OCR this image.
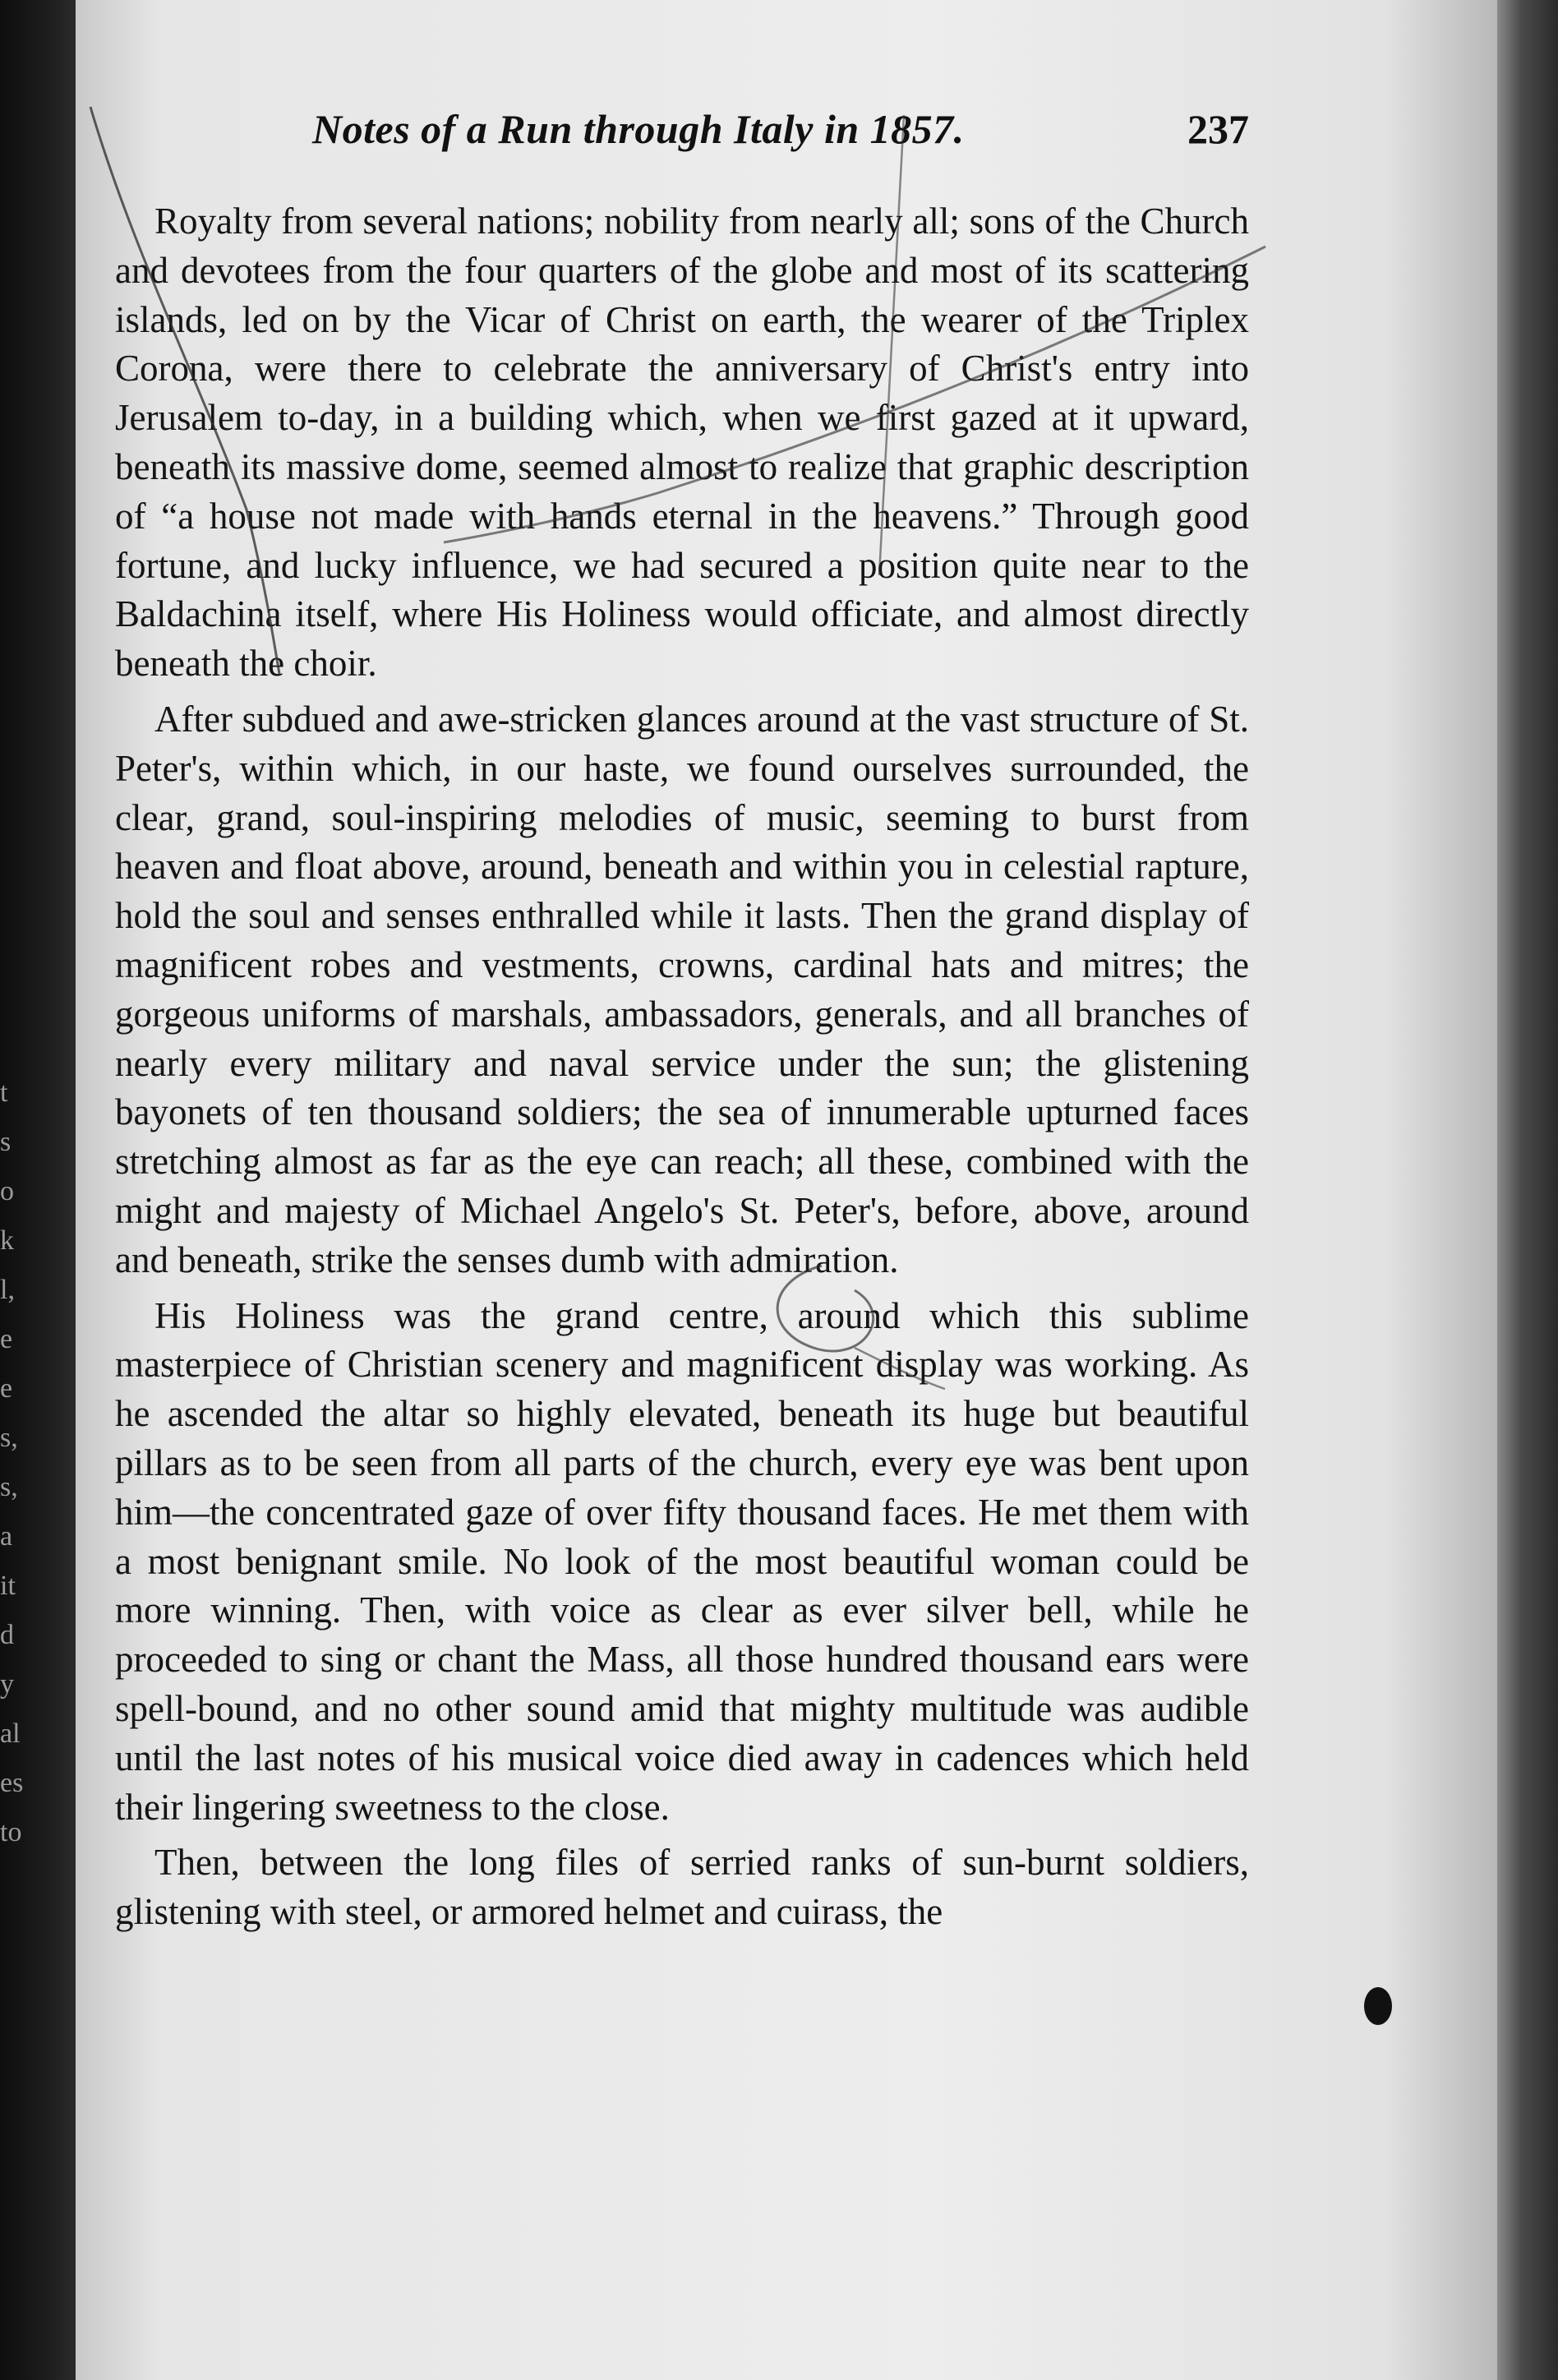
t
s
o
k
l,
e
e
s,
s,
a
it
d
y
al
es
to
Notes of a Run through Italy in 1857.	237

Royalty from several nations; nobility from nearly all; sons of the Church and devotees from the four quarters of the globe and most of its scattering islands, led on by the Vicar of Christ on earth, the wearer of the Triplex Corona, were there to celebrate the anniversary of Christ's entry into Jerusalem to-day, in a building which, when we first gazed at it upward, beneath its massive dome, seemed almost to realize that graphic description of “a house not made with hands eternal in the heavens.” Through good fortune, and lucky influence, we had secured a position quite near to the Baldachina itself, where His Holiness would officiate, and almost directly beneath the choir.

After subdued and awe-stricken glances around at the vast structure of St. Peter's, within which, in our haste, we found ourselves surrounded, the clear, grand, soul-inspiring melodies of music, seeming to burst from heaven and float above, around, beneath and within you in celestial rapture, hold the soul and senses enthralled while it lasts. Then the grand display of magnificent robes and vestments, crowns, cardinal hats and mitres; the gorgeous uniforms of marshals, ambassadors, generals, and all branches of nearly every military and naval service under the sun; the glistening bayonets of ten thousand soldiers; the sea of innumerable upturned faces stretching almost as far as the eye can reach; all these, combined with the might and majesty of Michael Angelo's St. Peter's, before, above, around and beneath, strike the senses dumb with admiration.

His Holiness was the grand centre, around which this sublime masterpiece of Christian scenery and magnificent display was working. As he ascended the altar so highly elevated, beneath its huge but beautiful pillars as to be seen from all parts of the church, every eye was bent upon him—the concentrated gaze of over fifty thousand faces. He met them with a most benignant smile. No look of the most beautiful woman could be more winning. Then, with voice as clear as ever silver bell, while he proceeded to sing or chant the Mass, all those hundred thousand ears were spell-bound, and no other sound amid that mighty multitude was audible until the last notes of his musical voice died away in cadences which held their lingering sweetness to the close.

Then, between the long files of serried ranks of sun-burnt soldiers, glistening with steel, or armored helmet and cuirass, the
